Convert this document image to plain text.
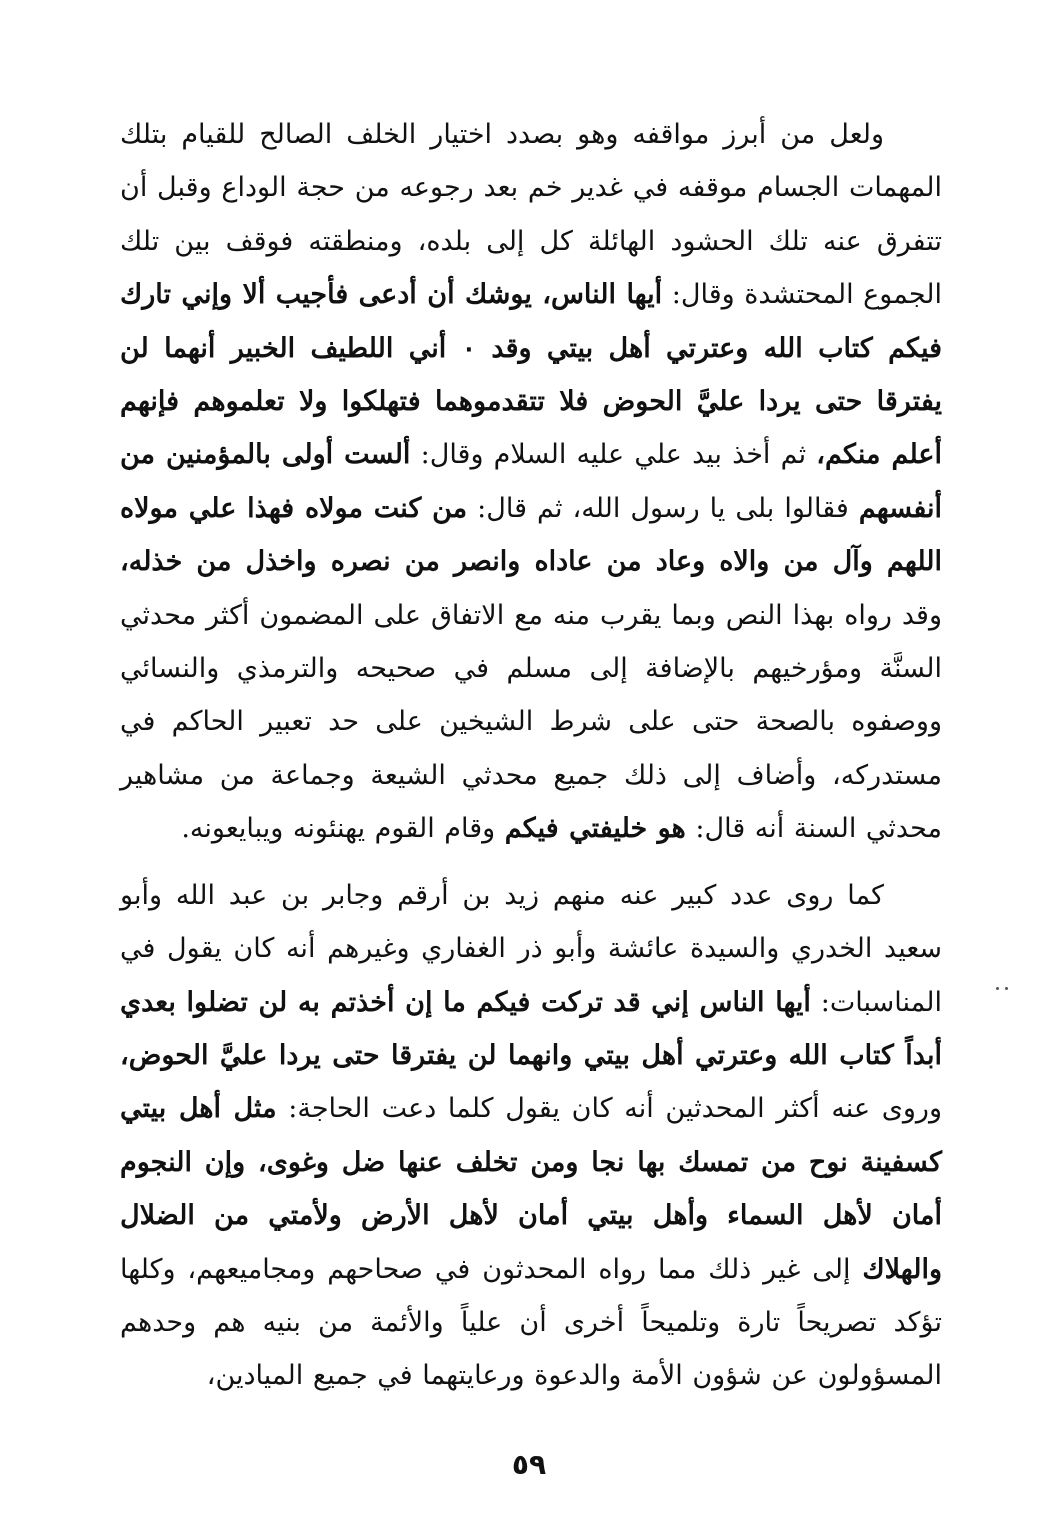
ولعل من أبرز مواقفه وهو بصدد اختيار الخلف الصالح للقيام بتلك المهمات الجسام موقفه في غدير خم بعد رجوعه من حجة الوداع وقبل أن تتفرق عنه تلك الحشود الهائلة كل إلى بلده، ومنطقته فوقف بين تلك الجموع المحتشدة وقال: أيها الناس، يوشك أن أدعى فأجيب ألا وإني تارك فيكم كتاب الله وعترتي أهل بيتي وقد ٠ أني اللطيف الخبير أنهما لن يفترقا حتى يردا عليَّ الحوض فلا تتقدموهما فتهلكوا ولا تعلموهم فإنهم أعلم منكم، ثم أخذ بيد علي عليه السلام وقال: ألست أولى بالمؤمنين من أنفسهم فقالوا بلى يا رسول الله، ثم قال: من كنت مولاه فهذا علي مولاه اللهم وآل من والاه وعاد من عاداه وانصر من نصره واخذل من خذله، وقد رواه بهذا النص وبما يقرب منه مع الاتفاق على المضمون أكثر محدثي السنَّة ومؤرخيهم بالإضافة إلى مسلم في صحيحه والترمذي والنسائي ووصفوه بالصحة حتى على شرط الشيخين على حد تعبير الحاكم في مستدركه، وأضاف إلى ذلك جميع محدثي الشيعة وجماعة من مشاهير محدثي السنة أنه قال: هو خليفتي فيكم وقام القوم يهنئونه ويبايعونه.

كما روى عدد كبير عنه منهم زيد بن أرقم وجابر بن عبد الله وأبو سعيد الخدري والسيدة عائشة وأبو ذر الغفاري وغيرهم أنه كان يقول في المناسبات: أيها الناس إني قد تركت فيكم ما إن أخذتم به لن تضلوا بعدي أبداً كتاب الله وعترتي أهل بيتي وانهما لن يفترقا حتى يردا عليَّ الحوض، وروى عنه أكثر المحدثين أنه كان يقول كلما دعت الحاجة: مثل أهل بيتي كسفينة نوح من تمسك بها نجا ومن تخلف عنها ضل وغوى، وإن النجوم أمان لأهل السماء وأهل بيتي أمان لأهل الأرض ولأمتي من الضلال والهلاك إلى غير ذلك مما رواه المحدثون في صحاحهم ومجاميعهم، وكلها تؤكد تصريحاً تارة وتلميحاً أخرى أن علياً والأئمة من بنيه هم وحدهم المسؤولون عن شؤون الأمة والدعوة ورعايتهما في جميع الميادين،

٥٩
